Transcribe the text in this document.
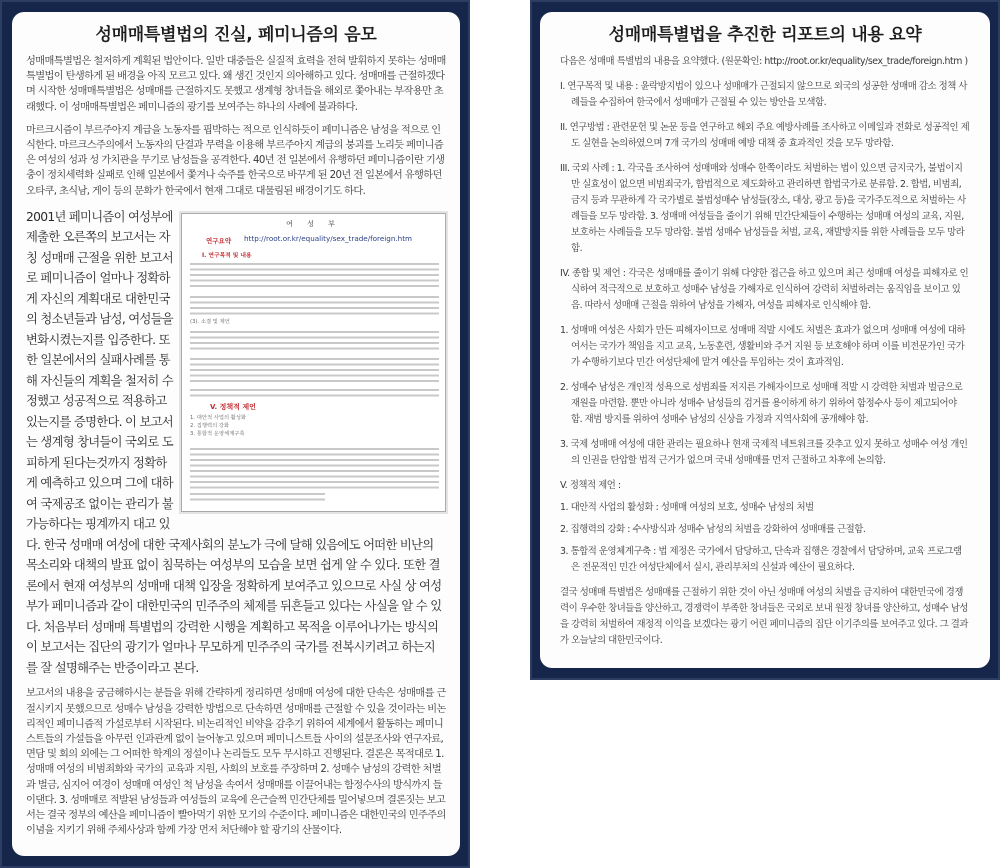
성매매특별법의 진실, 페미니즘의 음모

성매매특별법은 철저하게 계획된 법안이다. 일반 대중들은 실질적 효력을 전혀 발휘하지 못하는 성매매특별법이 탄생하게 된 배경을 아직 모르고 있다. 왜 생긴 것인지 의아해하고 있다. 성매매를 근절하겠다며 시작한 성매매특별법은 성매매를 근절하지도 못했고 생계형 창녀들을 해외로 쫓아내는 부작용만 초래했다. 이 성매매특별법은 페미니즘의 광기를 보여주는 하나의 사례에 불과하다.

마르크시즘이 부르주아지 계급을 노동자를 핍박하는 적으로 인식하듯이 페미니즘은 남성을 적으로 인식한다. 마르크스주의에서 노동자의 단결과 무력을 이용해 부르주아지 계급의 붕괴를 노리듯 페미니즘은 여성의 성과 성 가치관을 무기로 남성들을 공격한다. 40년 전 일본에서 유행하던 페미니즘이란 기생충이 정치세력화 실패로 인해 일본에서 쫓겨나 숙주를 한국으로 바꾸게 된 20년 전 일본에서 유행하던 오타쿠, 초식남, 게이 등의 문화가 한국에서 현재 그대로 대물림된 배경이기도 하다.

여 성 부
http://root.or.kr/equality/sex_trade/foreign.htm
연구요약
I. 연구목적 및 내용
(3). 소결 및 제언
V. 정책적 제언
1. 대안적 사업의 활성화
2. 집행력의 강화
3. 통합적 운영체계구축

2001년 페미니즘이 여성부에 제출한 오른쪽의 보고서는 자칭 성매매 근절을 위한 보고서로 페미니즘이 얼마나 정확하게 자신의 계획대로 대한민국의 청소년들과 남성, 여성들을 변화시켰는지를 입증한다. 또한 일본에서의 실패사례를 통해 자신들의 계획을 철저히 수정했고 성공적으로 적용하고 있는지를 증명한다. 이 보고서는 생계형 창녀들이 국외로 도피하게 된다는것까지 정확하게 예측하고 있으며 그에 대하여 국제공조 없이는 관리가 불가능하다는 핑계까지 대고 있다. 한국 성매매 여성에 대한 국제사회의 분노가 극에 달해 있음에도 어떠한 비난의 목소리와 대책의 발표 없이 침묵하는 여성부의 모습을 보면 쉽게 알 수 있다. 또한 결론에서 현재 여성부의 성매매 대책 입장을 정확하게 보여주고 있으므로 사실 상 여성부가 페미니즘과 같이 대한민국의 민주주의 체제를 뒤흔들고 있다는 사실을 알 수 있다. 처음부터 성매매 특별법의 강력한 시행을 계획하고 목적을 이루어나가는 방식의 이 보고서는 집단의 광기가 얼마나 무모하게 민주주의 국가를 전복시키려고 하는지를 잘 설명해주는 반증이라고 본다.

보고서의 내용을 궁금해하시는 분들을 위해 간략하게 정리하면 성매매 여성에 대한 단속은 성매매를 근절시키지 못했으므로 성매수 남성을 강력한 방법으로 단속하면 성매매를 근절할 수 있을 것이라는 비논리적인 페미니즘적 가설로부터 시작된다. 비논리적인 비약을 감추기 위하여 세계에서 활동하는 페미니스트들의 가설들을 아무런 인과관계 없이 늘어놓고 있으며 페미니스트들 사이의 설문조사와 연구자료, 면담 및 회의 외에는 그 어떠한 학계의 정설이나 논리들도 모두 무시하고 진행된다. 결론은 목적대로 1. 성매매 여성의 비범죄화와 국가의 교육과 지원, 사회의 보호를 주장하며 2. 성매수 남성의 강력한 처벌과 벌금, 심지어 여경이 성매매 여성인 척 남성을 속여서 성매매를 이끌어내는 함정수사의 방식까지 들이댄다. 3. 성매매로 적발된 남성들과 여성들의 교육에 은근슬쩍 민간단체를 밀어넣으며 결론짓는 보고서는 결국 정부의 예산을 페미니즘이 빨아먹기 위한 모기의 수준이다. 페미니즘은 대한민국의 민주주의 이념을 지키기 위해 주체사상과 함께 가장 먼저 처단해야 할 광기의 산물이다.

성매매특별법을 추진한 리포트의 내용 요약

다음은 성매매 특별법의 내용을 요약했다. (원문확인: http://root.or.kr/equality/sex_trade/foreign.htm )

I. 연구목적 및 내용 : 윤락방지법이 있으나 성매매가 근절되지 않으므로 외국의 성공한 성매매 감소 정책 사례들을 수집하여 한국에서 성매매가 근절될 수 있는 방안을 모색함.

II. 연구방법 : 관련문헌 및 논문 등을 연구하고 해외 주요 예방사례를 조사하고 이메일과 전화로 성공적인 제도 실현을 논의하였으며 7개 국가의 성매매 예방 대책 중 효과적인 것을 모두 망라함.

III. 국외 사례 : 1. 각국을 조사하여 성매매와 성매수 한쪽이라도 처벌하는 법이 있으면 금지국가, 불법이지만 실효성이 없으면 비범죄국가, 합법적으로 제도화하고 관리하면 합법국가로 분류함. 2. 합법, 비범죄, 금지 등과 무관하게 각 국가별로 불법성매수 남성들(장소, 대상, 광고 등)을 국가주도적으로 처벌하는 사례들을 모두 망라함. 3. 성매매 여성들을 줄이기 위해 민간단체들이 수행하는 성매매 여성의 교육, 지원, 보호하는 사례들을 모두 망라함. 불법 성매수 남성들을 처벌, 교육, 재발방지를 위한 사례들을 모두 망라함.

IV. 종합 및 제언 : 각국은 성매매를 줄이기 위해 다양한 접근을 하고 있으며 최근 성매매 여성을 피해자로 인식하여 적극적으로 보호하고 성매수 남성을 가해자로 인식하여 강력히 처벌하려는 움직임을 보이고 있음. 따라서 성매매 근절을 위하여 남성을 가해자, 여성을 피해자로 인식해야 함.

1. 성매매 여성은 사회가 만든 피해자이므로 성매매 적발 시에도 처벌은 효과가 없으며 성매매 여성에 대하여서는 국가가 책임을 지고 교육, 노동훈련, 생활비와 주거 지원 등 보호해야 하며 이를 비전문가인 국가가 수행하기보다 민간 여성단체에 맡겨 예산을 투입하는 것이 효과적임.

2. 성매수 남성은 개인적 성욕으로 성범죄를 저지른 가해자이므로 성매매 적발 시 강력한 처벌과 벌금으로 재원을 마련함. 뿐만 아니라 성매수 남성들의 검거를 용이하게 하기 위하여 함정수사 등이 제고되어야 함. 재범 방지를 위하여 성매수 남성의 신상을 가정과 지역사회에 공개해야 함.

3. 국제 성매매 여성에 대한 관리는 필요하나 현재 국제적 네트워크를 갖추고 있지 못하고 성매수 여성 개인의 인권을 탄압할 법적 근거가 없으며 국내 성매매를 먼저 근절하고 차후에 논의함.

V. 정책적 제언 :

1. 대안적 사업의 활성화 : 성매매 여성의 보호, 성매수 남성의 처벌

2. 집행력의 강화 : 수사방식과 성매수 남성의 처벌을 강화하여 성매매를 근절함.

3. 통합적 운영체계구축 : 법 제정은 국가에서 담당하고, 단속과 집행은 경찰에서 담당하며, 교육 프로그램은 전문적인 민간 여성단체에서 실시, 관리부처의 신설과 예산이 필요하다.

결국 성매매 특별법은 성매매를 근절하기 위한 것이 아닌 성매매 여성의 처벌을 금지하여 대한민국에 경쟁력이 우수한 창녀들을 양산하고, 경쟁력이 부족한 창녀들은 국외로 보내 원정 창녀를 양산하고, 성매수 남성을 강력히 처벌하여 재정적 이익을 보겠다는 광기 어린 페미니즘의 집단 이기주의를 보여주고 있다. 그 결과가 오늘날의 대한민국이다.
